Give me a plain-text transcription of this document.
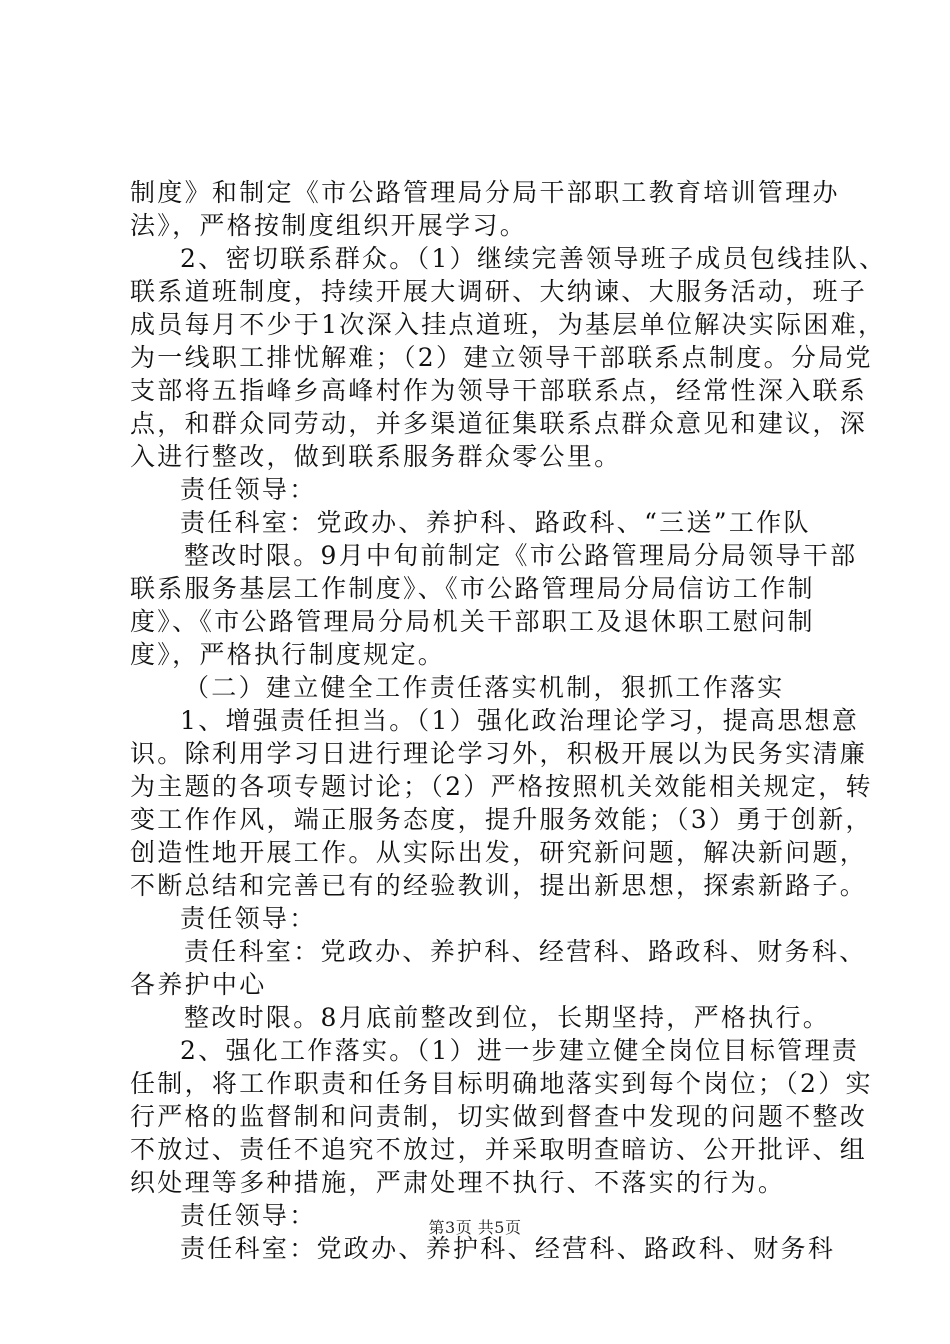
制度》和制定《市公路管理局分局干部职工教育培训管理办
法》，严格按制度组织开展学习。
2、密切联系群众。（1）继续完善领导班子成员包线挂队、
联系道班制度，持续开展大调研、大纳谏、大服务活动，班子
成员每月不少于1次深入挂点道班，为基层单位解决实际困难，
为一线职工排忧解难；（2）建立领导干部联系点制度。分局党
支部将五指峰乡高峰村作为领导干部联系点，经常性深入联系
点，和群众同劳动，并多渠道征集联系点群众意见和建议，深
入进行整改，做到联系服务群众零公里。
责任领导：
责任科室：党政办、养护科、路政科、“三送”工作队
整改时限。9月中旬前制定《市公路管理局分局领导干部
联系服务基层工作制度》、《市公路管理局分局信访工作制
度》、《市公路管理局分局机关干部职工及退休职工慰问制
度》，严格执行制度规定。
（二）建立健全工作责任落实机制，狠抓工作落实
1、增强责任担当。（1）强化政治理论学习，提高思想意
识。除利用学习日进行理论学习外，积极开展以为民务实清廉
为主题的各项专题讨论；（2）严格按照机关效能相关规定，转
变工作作风，端正服务态度，提升服务效能；（3）勇于创新，
创造性地开展工作。从实际出发，研究新问题，解决新问题，
不断总结和完善已有的经验教训，提出新思想，探索新路子。
责任领导：
责任科室：党政办、养护科、经营科、路政科、财务科、
各养护中心
整改时限。8月底前整改到位，长期坚持，严格执行。
2、强化工作落实。（1）进一步建立健全岗位目标管理责
任制，将工作职责和任务目标明确地落实到每个岗位；（2）实
行严格的监督制和问责制，切实做到督查中发现的问题不整改
不放过、责任不追究不放过，并采取明查暗访、公开批评、组
织处理等多种措施，严肃处理不执行、不落实的行为。
责任领导：
责任科室：党政办、养护科、经营科、路政科、财务科
第3页 共5页
